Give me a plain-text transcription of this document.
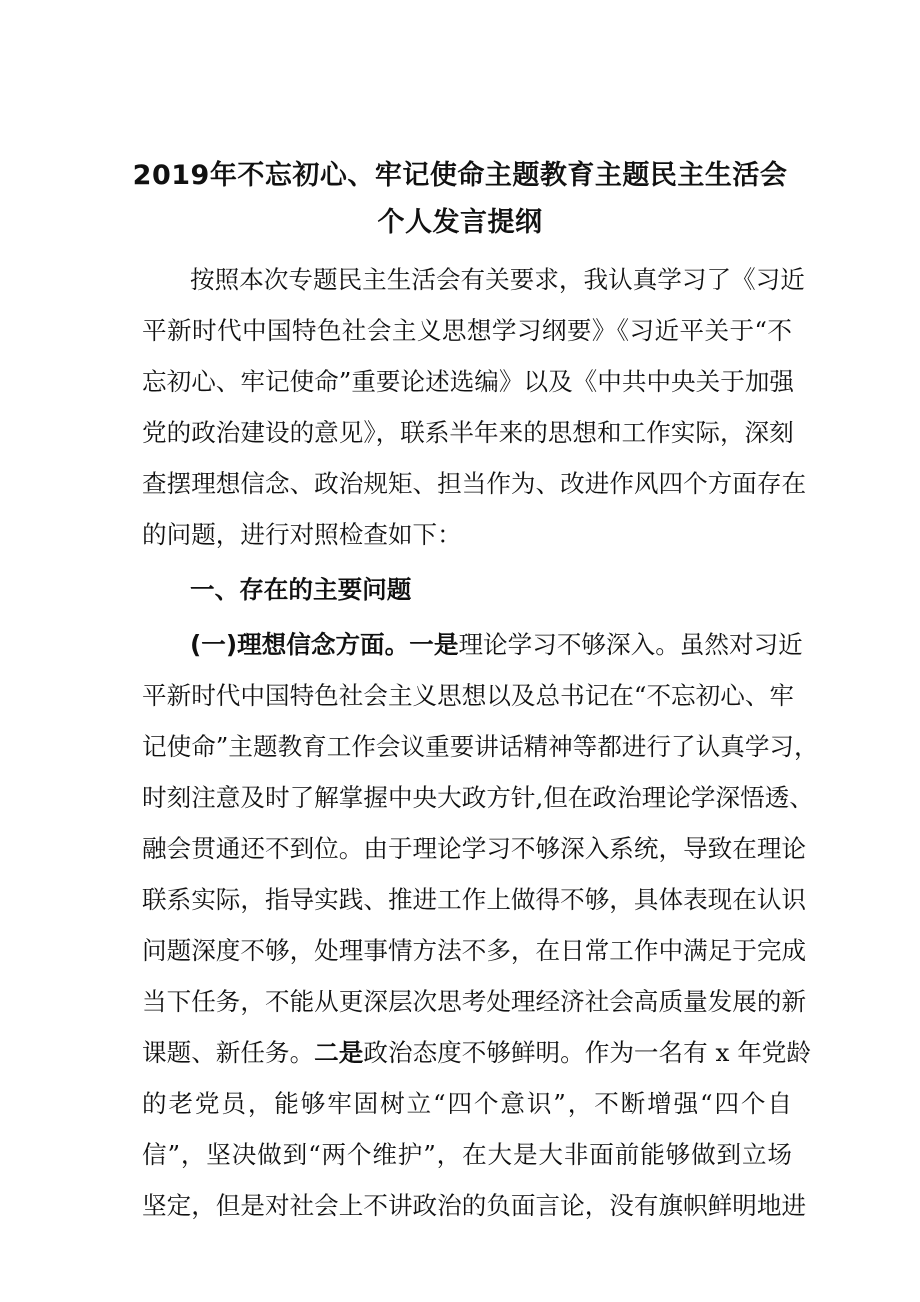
2019年不忘初心、牢记使命主题教育主题民主生活会
个人发言提纲
按照本次专题民主生活会有关要求，我认真学习了《习近
平新时代中国特色社会主义思想学习纲要》《习近平关于“不
忘初心、牢记使命”重要论述选编》以及《中共中央关于加强
党的政治建设的意见》，联系半年来的思想和工作实际，深刻
查摆理想信念、政治规矩、担当作为、改进作风四个方面存在
的问题，进行对照检查如下：
一、存在的主要问题
(一)理想信念方面。一是理论学习不够深入。虽然对习近
平新时代中国特色社会主义思想以及总书记在“不忘初心、牢
记使命”主题教育工作会议重要讲话精神等都进行了认真学习，
时刻注意及时了解掌握中央大政方针,但在政治理论学深悟透、
融会贯通还不到位。由于理论学习不够深入系统，导致在理论
联系实际，指导实践、推进工作上做得不够，具体表现在认识
问题深度不够，处理事情方法不多，在日常工作中满足于完成
当下任务，不能从更深层次思考处理经济社会高质量发展的新
课题、新任务。二是政治态度不够鲜明。作为一名有 x 年党龄
的老党员，能够牢固树立“四个意识”，不断增强“四个自
信”，坚决做到“两个维护”，在大是大非面前能够做到立场
坚定，但是对社会上不讲政治的负面言论，没有旗帜鲜明地进
